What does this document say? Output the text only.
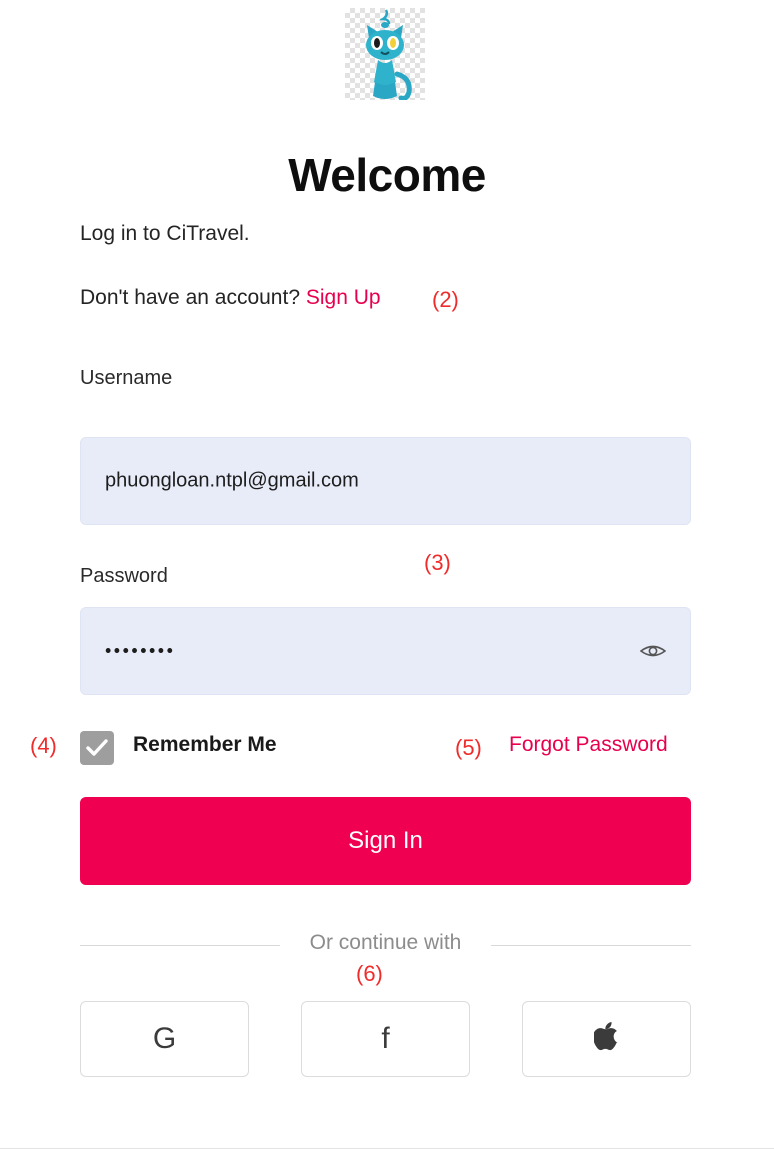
Welcome
Log in to CiTravel.
Don't have an account? Sign Up (2)
(3)
(4)	(5)
(6)
Username
phuongloan.ntpl@gmail.com
Password
••••••••
Remember Me	Forgot Password
Sign In
Or continue with
G	f
